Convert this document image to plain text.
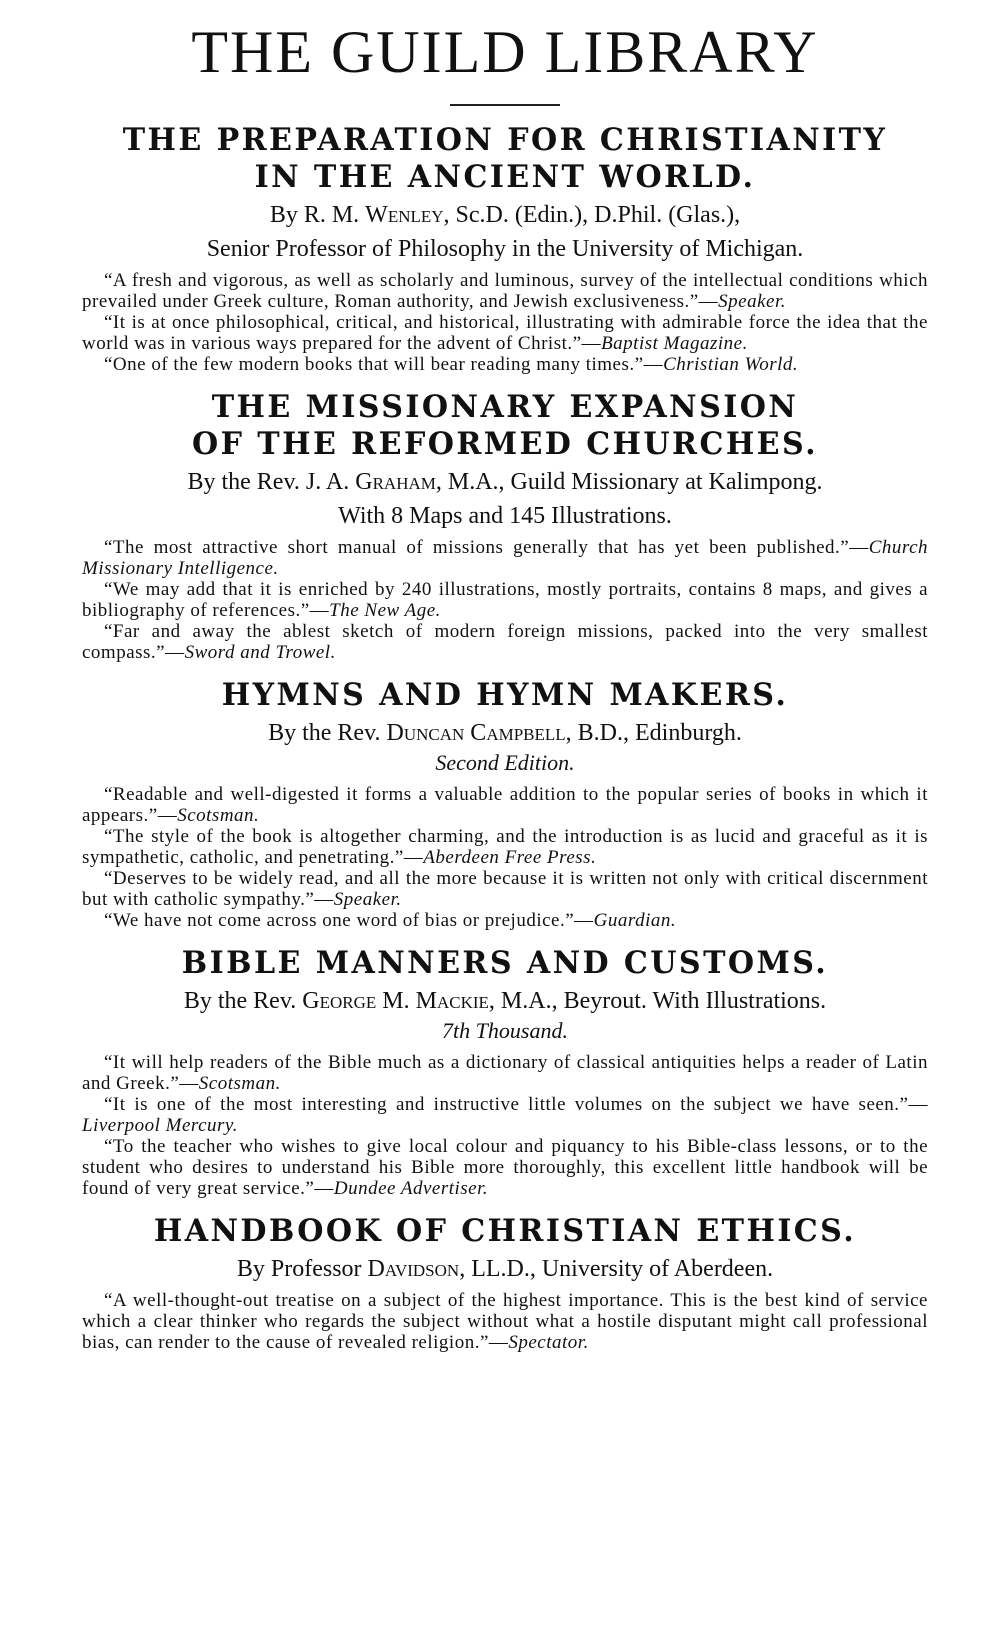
THE GUILD LIBRARY
THE PREPARATION FOR CHRISTIANITY
IN THE ANCIENT WORLD.
By R. M. Wenley, Sc.D. (Edin.), D.Phil. (Glas.),
Senior Professor of Philosophy in the University of Michigan.
“A fresh and vigorous, as well as scholarly and luminous, survey of the intellectual conditions which prevailed under Greek culture, Roman authority, and Jewish exclusiveness.”—Speaker.
“It is at once philosophical, critical, and historical, illustrating with admirable force the idea that the world was in various ways prepared for the advent of Christ.”—Baptist Magazine.
“One of the few modern books that will bear reading many times.”—Christian World.
THE MISSIONARY EXPANSION
OF THE REFORMED CHURCHES.
By the Rev. J. A. Graham, M.A., Guild Missionary at Kalimpong.
With 8 Maps and 145 Illustrations.
“The most attractive short manual of missions generally that has yet been published.”—Church Missionary Intelligence.
“We may add that it is enriched by 240 illustrations, mostly portraits, contains 8 maps, and gives a bibliography of references.”—The New Age.
“Far and away the ablest sketch of modern foreign missions, packed into the very smallest compass.”—Sword and Trowel.
HYMNS AND HYMN MAKERS.
By the Rev. Duncan Campbell, B.D., Edinburgh.
Second Edition.
“Readable and well-digested it forms a valuable addition to the popular series of books in which it appears.”—Scotsman.
“The style of the book is altogether charming, and the introduction is as lucid and graceful as it is sympathetic, catholic, and penetrating.”—Aberdeen Free Press.
“Deserves to be widely read, and all the more because it is written not only with critical discernment but with catholic sympathy.”—Speaker.
“We have not come across one word of bias or prejudice.”—Guardian.
BIBLE MANNERS AND CUSTOMS.
By the Rev. George M. Mackie, M.A., Beyrout. With Illustrations.
7th Thousand.
“It will help readers of the Bible much as a dictionary of classical antiquities helps a reader of Latin and Greek.”—Scotsman.
“It is one of the most interesting and instructive little volumes on the subject we have seen.”—Liverpool Mercury.
“To the teacher who wishes to give local colour and piquancy to his Bible-class lessons, or to the student who desires to understand his Bible more thoroughly, this excellent little handbook will be found of very great service.”—Dundee Advertiser.
HANDBOOK OF CHRISTIAN ETHICS.
By Professor Davidson, LL.D., University of Aberdeen.
“A well-thought-out treatise on a subject of the highest importance. This is the best kind of service which a clear thinker who regards the subject without what a hostile disputant might call professional bias, can render to the cause of revealed religion.”—Spectator.
